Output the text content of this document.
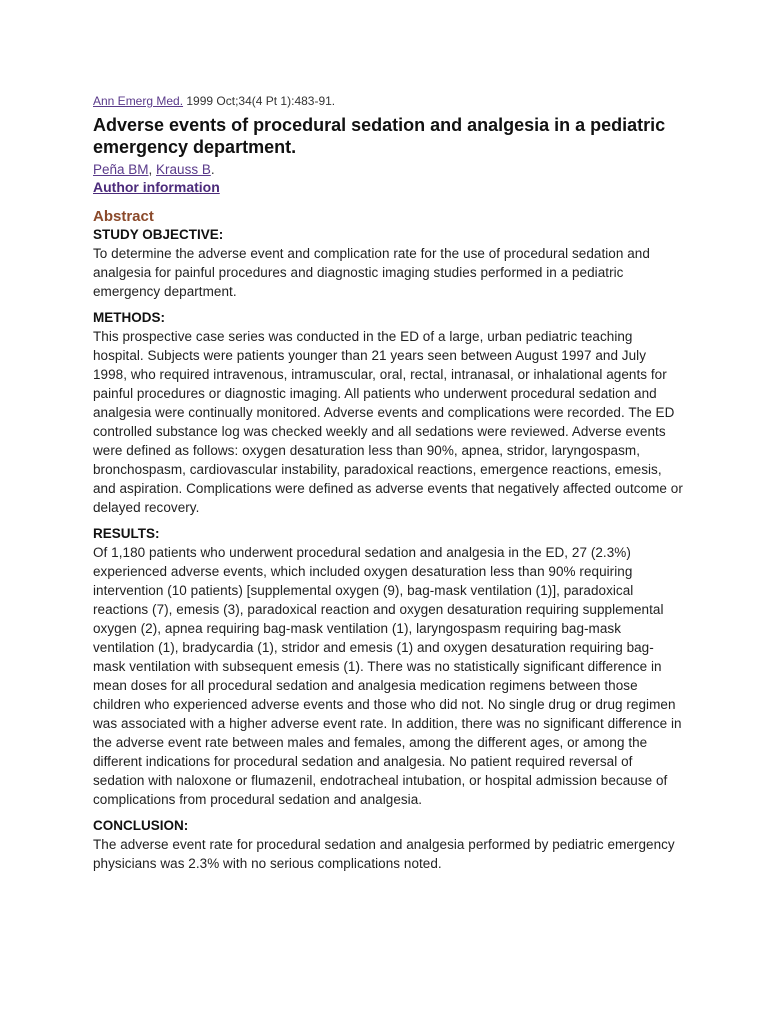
Ann Emerg Med. 1999 Oct;34(4 Pt 1):483-91.

Adverse events of procedural sedation and analgesia in a pediatric emergency department.

Peña BM, Krauss B.

Author information
Abstract
STUDY OBJECTIVE:

To determine the adverse event and complication rate for the use of procedural sedation and analgesia for painful procedures and diagnostic imaging studies performed in a pediatric emergency department.

METHODS:

This prospective case series was conducted in the ED of a large, urban pediatric teaching hospital. Subjects were patients younger than 21 years seen between August 1997 and July 1998, who required intravenous, intramuscular, oral, rectal, intranasal, or inhalational agents for painful procedures or diagnostic imaging. All patients who underwent procedural sedation and analgesia were continually monitored. Adverse events and complications were recorded. The ED controlled substance log was checked weekly and all sedations were reviewed. Adverse events were defined as follows: oxygen desaturation less than 90%, apnea, stridor, laryngospasm, bronchospasm, cardiovascular instability, paradoxical reactions, emergence reactions, emesis, and aspiration. Complications were defined as adverse events that negatively affected outcome or delayed recovery.

RESULTS:

Of 1,180 patients who underwent procedural sedation and analgesia in the ED, 27 (2.3%) experienced adverse events, which included oxygen desaturation less than 90% requiring intervention (10 patients) [supplemental oxygen (9), bag-mask ventilation (1)], paradoxical reactions (7), emesis (3), paradoxical reaction and oxygen desaturation requiring supplemental oxygen (2), apnea requiring bag-mask ventilation (1), laryngospasm requiring bag-mask ventilation (1), bradycardia (1), stridor and emesis (1) and oxygen desaturation requiring bag-mask ventilation with subsequent emesis (1). There was no statistically significant difference in mean doses for all procedural sedation and analgesia medication regimens between those children who experienced adverse events and those who did not. No single drug or drug regimen was associated with a higher adverse event rate. In addition, there was no significant difference in the adverse event rate between males and females, among the different ages, or among the different indications for procedural sedation and analgesia. No patient required reversal of sedation with naloxone or flumazenil, endotracheal intubation, or hospital admission because of complications from procedural sedation and analgesia.

CONCLUSION:

The adverse event rate for procedural sedation and analgesia performed by pediatric emergency physicians was 2.3% with no serious complications noted.
